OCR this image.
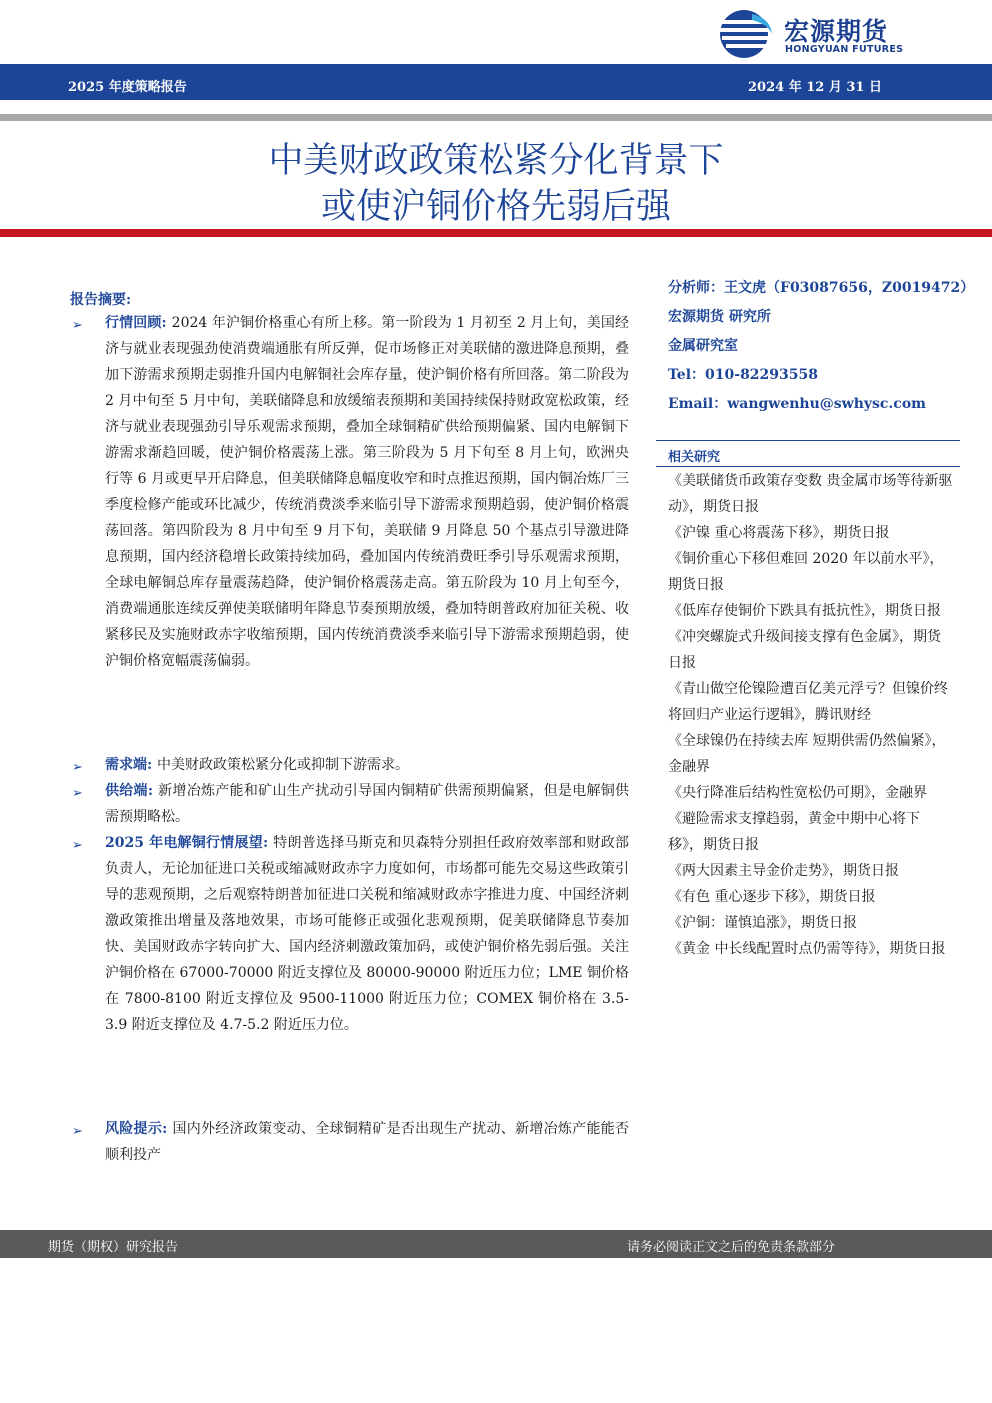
宏源期货
HONGYUAN FUTURES
2025 年度策略报告	2024 年 12 月 31 日
中美财政政策松紧分化背景下
或使沪铜价格先弱后强
报告摘要:
➢ 行情回顾: 2024 年沪铜价格重心有所上移。第一阶段为 1 月初至 2 月上旬，美国经济与就业表现强劲使消费端通胀有所反弹，促市场修正对美联储的激进降息预期，叠加下游需求预期走弱推升国内电解铜社会库存量，使沪铜价格有所回落。第二阶段为 2 月中旬至 5 月中旬，美联储降息和放缓缩表预期和美国持续保持财政宽松政策，经济与就业表现强劲引导乐观需求预期，叠加全球铜精矿供给预期偏紧、国内电解铜下游需求渐趋回暖，使沪铜价格震荡上涨。第三阶段为 5 月下旬至 8 月上旬，欧洲央行等 6 月或更早开启降息，但美联储降息幅度收窄和时点推迟预期，国内铜冶炼厂三季度检修产能或环比减少，传统消费淡季来临引导下游需求预期趋弱，使沪铜价格震荡回落。第四阶段为 8 月中旬至 9 月下旬，美联储 9 月降息 50 个基点引导激进降息预期，国内经济稳增长政策持续加码，叠加国内传统消费旺季引导乐观需求预期，全球电解铜总库存量震荡趋降，使沪铜价格震荡走高。第五阶段为 10 月上旬至今，消费端通胀连续反弹使美联储明年降息节奏预期放缓，叠加特朗普政府加征关税、收紧移民及实施财政赤字收缩预期，国内传统消费淡季来临引导下游需求预期趋弱，使沪铜价格宽幅震荡偏弱。

➢ 需求端: 中美财政政策松紧分化或抑制下游需求。

➢ 供给端: 新增冶炼产能和矿山生产扰动引导国内铜精矿供需预期偏紧，但是电解铜供需预期略松。

➢ 2025 年电解铜行情展望: 特朗普选择马斯克和贝森特分别担任政府效率部和财政部负责人，无论加征进口关税或缩减财政赤字力度如何，市场都可能先交易这些政策引导的悲观预期，之后观察特朗普加征进口关税和缩减财政赤字推进力度、中国经济刺激政策推出增量及落地效果，市场可能修正或强化悲观预期，促美联储降息节奏加快、美国财政赤字转向扩大、国内经济刺激政策加码，或使沪铜价格先弱后强。关注沪铜价格在 67000-70000 附近支撑位及 80000-90000 附近压力位；LME 铜价格在 7800-8100 附近支撑位及 9500-11000 附近压力位；COMEX 铜价格在 3.5-3.9 附近支撑位及 4.7-5.2 附近压力位。

➢ 风险提示: 国内外经济政策变动、全球铜精矿是否出现生产扰动、新增冶炼产能能否顺利投产

分析师：王文虎（F03087656，Z0019472）
宏源期货 研究所
金属研究室
Tel：010-82293558
Email：wangwenhu@swhysc.com
相关研究
《美联储货币政策存变数 贵金属市场等待新驱动》，期货日报
《沪镍 重心将震荡下移》，期货日报
《铜价重心下移但难回 2020 年以前水平》，期货日报
《低库存使铜价下跌具有抵抗性》，期货日报
《冲突螺旋式升级间接支撑有色金属》，期货日报
《青山做空伦镍险遭百亿美元浮亏？但镍价终将回归产业运行逻辑》，腾讯财经
《全球镍仍在持续去库 短期供需仍然偏紧》，金融界
《央行降准后结构性宽松仍可期》，金融界
《避险需求支撑趋弱，黄金中期中心将下移》，期货日报
《两大因素主导金价走势》，期货日报
《有色 重心逐步下移》，期货日报
《沪铜：谨慎追涨》，期货日报
《黄金 中长线配置时点仍需等待》，期货日报
期货（期权）研究报告	请务必阅读正文之后的免责条款部分
